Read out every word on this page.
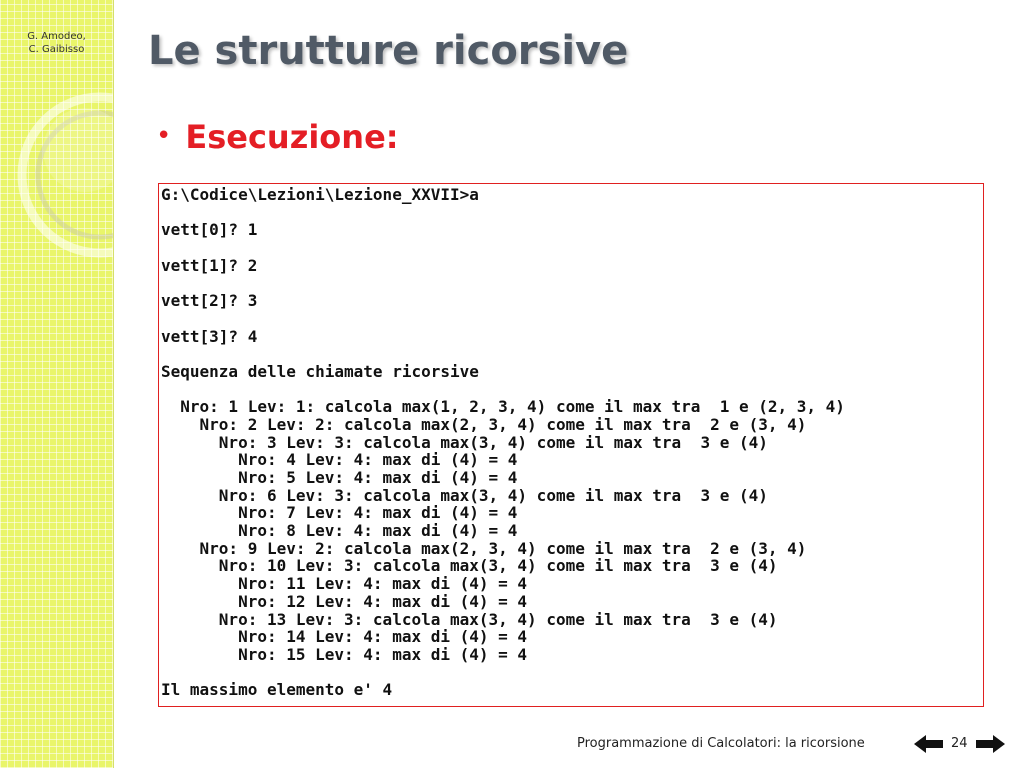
G. Amodeo,
C. Gaibisso	Le strutture ricorsive
• Esecuzione:
G:\Codice\Lezioni\Lezione_XXVII>a
vett[0]? 1
vett[1]? 2
vett[2]? 3
vett[3]? 4
Sequenza delle chiamate ricorsive
Nro: 1 Lev: 1: calcola max(1, 2, 3, 4) come il max tra  1 e (2, 3, 4)
Nro: 2 Lev: 2: calcola max(2, 3, 4) come il max tra  2 e (3, 4)
Nro: 3 Lev: 3: calcola max(3, 4) come il max tra  3 e (4)
Nro: 4 Lev: 4: max di (4) = 4
Nro: 5 Lev: 4: max di (4) = 4
Nro: 6 Lev: 3: calcola max(3, 4) come il max tra  3 e (4)
Nro: 7 Lev: 4: max di (4) = 4
Nro: 8 Lev: 4: max di (4) = 4
Nro: 9 Lev: 2: calcola max(2, 3, 4) come il max tra  2 e (3, 4)
Nro: 10 Lev: 3: calcola max(3, 4) come il max tra  3 e (4)
Nro: 11 Lev: 4: max di (4) = 4
Nro: 12 Lev: 4: max di (4) = 4
Nro: 13 Lev: 3: calcola max(3, 4) come il max tra  3 e (4)
Nro: 14 Lev: 4: max di (4) = 4
Nro: 15 Lev: 4: max di (4) = 4
Il massimo elemento e' 4
Programmazione di Calcolatori: la ricorsione	24
